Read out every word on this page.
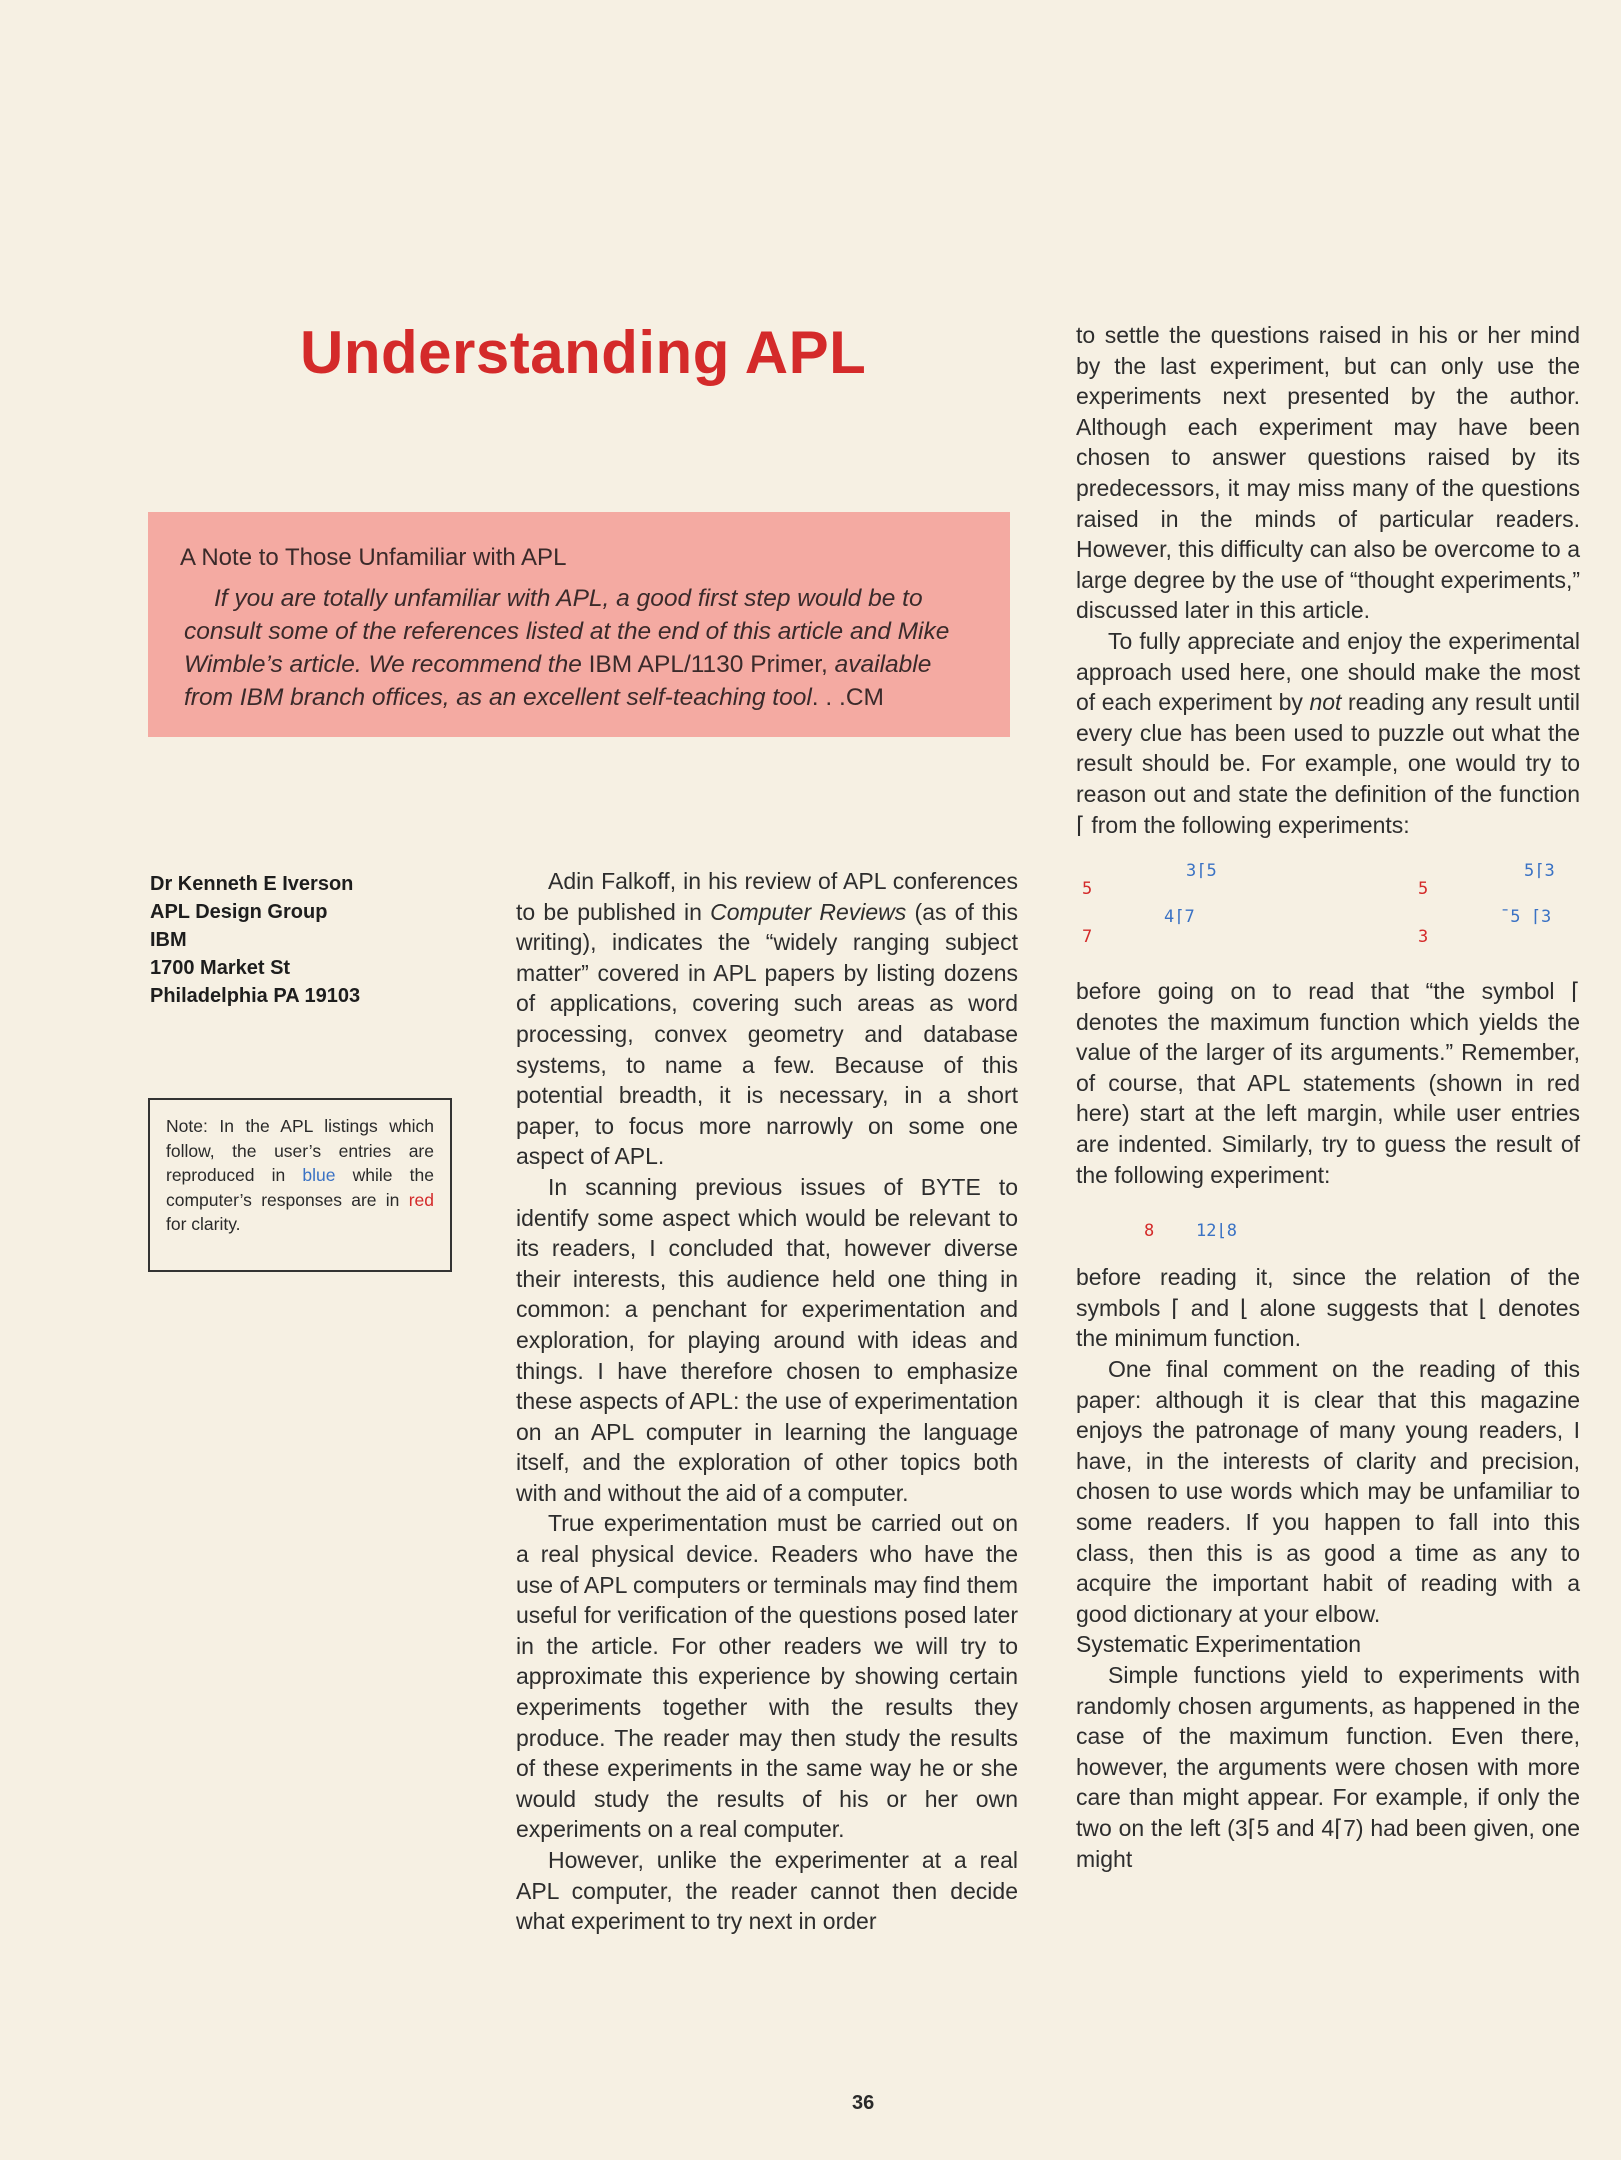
Understanding APL
A Note to Those Unfamiliar with APL

If you are totally unfamiliar with APL, a good first step would be to consult some of the references listed at the end of this article and Mike Wimble’s article. We recommend the IBM APL/1130 Primer, available from IBM branch offices, as an excellent self-teaching tool. . .CM

Dr Kenneth E Iverson
APL Design Group
IBM
1700 Market St
Philadelphia PA 19103
Note: In the APL listings which follow, the user’s entries are reproduced in blue while the computer’s responses are in red for clarity.

Adin Falkoff, in his review of APL conferences to be published in Computer Reviews (as of this writing), indicates the “widely ranging subject matter” covered in APL papers by listing dozens of applications, covering such areas as word processing, convex geometry and database systems, to name a few. Because of this potential breadth, it is necessary, in a short paper, to focus more narrowly on some one aspect of APL.

In scanning previous issues of BYTE to identify some aspect which would be relevant to its readers, I concluded that, however diverse their interests, this audience held one thing in common: a penchant for experimentation and exploration, for playing around with ideas and things. I have therefore chosen to emphasize these aspects of APL: the use of experimentation on an APL computer in learning the language itself, and the exploration of other topics both with and without the aid of a computer.

True experimentation must be carried out on a real physical device. Readers who have the use of APL computers or terminals may find them useful for verification of the questions posed later in the article. For other readers we will try to approximate this experience by showing certain experiments together with the results they produce. The reader may then study the results of these experiments in the same way he or she would study the results of his or her own experiments on a real computer.

However, unlike the experimenter at a real APL computer, the reader cannot then decide what experiment to try next in order

to settle the questions raised in his or her mind by the last experiment, but can only use the experiments next presented by the author. Although each experiment may have been chosen to answer questions raised by its predecessors, it may miss many of the questions raised in the minds of particular readers. However, this difficulty can also be overcome to a large degree by the use of “thought experiments,” discussed later in this article.

To fully appreciate and enjoy the experimental approach used here, one should make the most of each experiment by not reading any result until every clue has been used to puzzle out what the result should be. For example, one would try to reason out and state the definition of the function ⌈ from the following experiments:

3⌈5
5
4⌈7
7
5⌈3
5
¯5 ⌈3
3

before going on to read that “the symbol ⌈ denotes the maximum function which yields the value of the larger of its arguments.” Remember, of course, that APL statements (shown in red here) start at the left margin, while user entries are indented. Similarly, try to guess the result of the following experiment:

8 12⌊8

before reading it, since the relation of the symbols ⌈ and ⌊ alone suggests that ⌊ denotes the minimum function.

One final comment on the reading of this paper: although it is clear that this magazine enjoys the patronage of many young readers, I have, in the interests of clarity and precision, chosen to use words which may be unfamiliar to some readers. If you happen to fall into this class, then this is as good a time as any to acquire the important habit of reading with a good dictionary at your elbow.

Systematic Experimentation

Simple functions yield to experiments with randomly chosen arguments, as happened in the case of the maximum function. Even there, however, the arguments were chosen with more care than might appear. For example, if only the two on the left (3⌈5 and 4⌈7) had been given, one might

36
